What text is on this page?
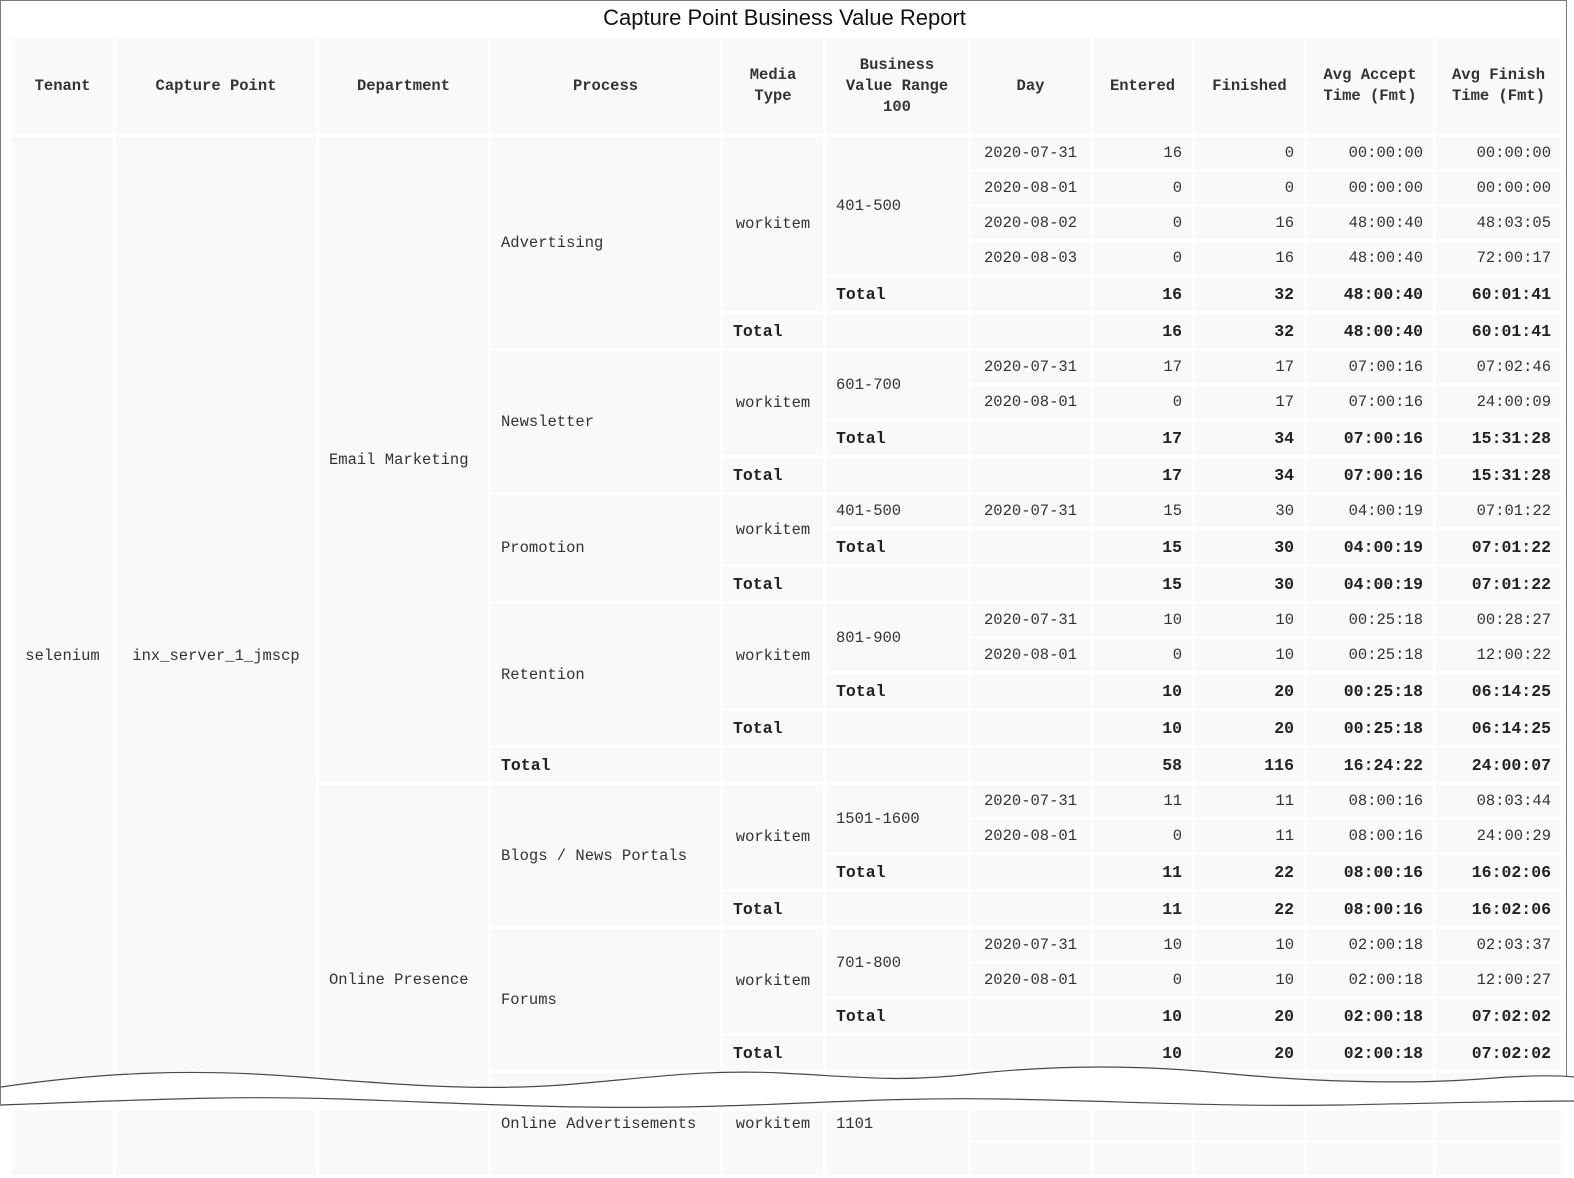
Capture Point Business Value Report
Tenant	Capture Point	Department	Process	Media Type	Business Value Range 100	Day	Entered	Finished	Avg Accept Time (Fmt)	Avg Finish Time (Fmt)
selenium	inx_server_1_jmscp	Email Marketing	Advertising	workitem	401-500	2020-07-31	16	0	00:00:00	00:00:00
						2020-08-01	0	0	00:00:00	00:00:00
						2020-08-02	0	16	48:00:40	48:03:05
						2020-08-03	0	16	48:00:40	72:00:17
					Total		16	32	48:00:40	60:01:41
				Total			16	32	48:00:40	60:01:41
			Newsletter	workitem	601-700	2020-07-31	17	17	07:00:16	07:02:46
						2020-08-01	0	17	07:00:16	24:00:09
					Total		17	34	07:00:16	15:31:28
				Total			17	34	07:00:16	15:31:28
			Promotion	workitem	401-500	2020-07-31	15	30	04:00:19	07:01:22
					Total		15	30	04:00:19	07:01:22
				Total			15	30	04:00:19	07:01:22
			Retention	workitem	801-900	2020-07-31	10	10	00:25:18	00:28:27
						2020-08-01	0	10	00:25:18	12:00:22
					Total		10	20	00:25:18	06:14:25
				Total			10	20	00:25:18	06:14:25
			Total				58	116	16:24:22	24:00:07
		Online Presence	Blogs / News Portals	workitem	1501-1600	2020-07-31	11	11	08:00:16	08:03:44
						2020-08-01	0	11	08:00:16	24:00:29
					Total		11	22	08:00:16	16:02:06
				Total			11	22	08:00:16	16:02:06
			Forums	workitem	701-800	2020-07-31	10	10	02:00:18	02:03:37
						2020-08-01	0	10	02:00:18	12:00:27
					Total		10	20	02:00:18	07:02:02
				Total			10	20	02:00:18	07:02:02
			Online Advertisements	workitem	1101					
